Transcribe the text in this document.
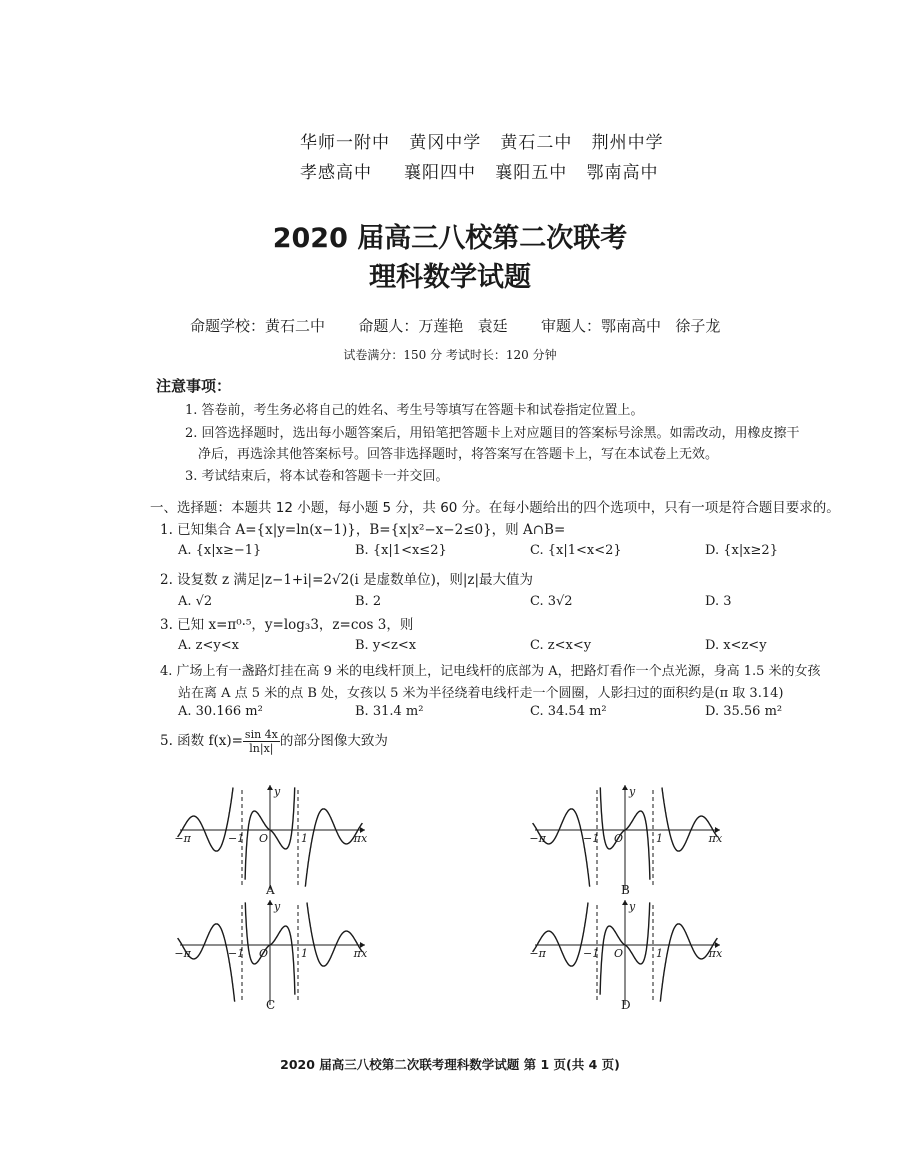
华师一附中   黄冈中学   黄石二中   荆州中学
孝感高中     襄阳四中   襄阳五中   鄂南高中
2020 届高三八校第二次联考
理科数学试题
命题学校：黄石二中       命题人：万莲艳   袁廷       审题人：鄂南高中   徐子龙
试卷满分：150 分 考试时长：120 分钟
注意事项：
1. 答卷前，考生务必将自己的姓名、考生号等填写在答题卡和试卷指定位置上。
2. 回答选择题时，选出每小题答案后，用铅笔把答题卡上对应题目的答案标号涂黑。如需改动，用橡皮擦干
净后，再选涂其他答案标号。回答非选择题时，将答案写在答题卡上，写在本试卷上无效。
3. 考试结束后，将本试卷和答题卡一并交回。
一、选择题：本题共 12 小题，每小题 5 分，共 60 分。在每小题给出的四个选项中，只有一项是符合题目要求的。
1. 已知集合 A={x|y=ln(x−1)}，B={x|x²−x−2≤0}，则 A∩B=
A. {x|x≥−1}	B. {x|1<x≤2}	C. {x|1<x<2}	D. {x|x≥2}
2. 设复数 z 满足|z−1+i|=2√2(i 是虚数单位)，则|z|最大值为
A. √2	B. 2	C. 3√2	D. 3
3. 已知 x=π⁰·⁵，y=log₃3，z=cos 3，则
A. z<y<x	B. y<z<x	C. z<x<y	D. x<z<y
4. 广场上有一盏路灯挂在高 9 米的电线杆顶上，记电线杆的底部为 A，把路灯看作一个点光源，身高 1.5 米的女孩
站在离 A 点 5 米的点 B 处，女孩以 5 米为半径绕着电线杆走一个圆圈，人影扫过的面积约是(π 取 3.14)
A. 30.166 m²	B. 31.4 m²	C. 34.54 m²	D. 35.56 m²
5. 函数 $f(x)= \frac{\sin 4x}{\ln|x|}$ 的部分图像大致为
y
x
O
−π	π
−1	1
A
y
x
O
−π	π
−1	1
B
y
x
O
−π	π
−1	1
C
y
x
O
−π	π
−1	1
D
2020 届高三八校第二次联考理科数学试题 第 1 页(共 4 页)
